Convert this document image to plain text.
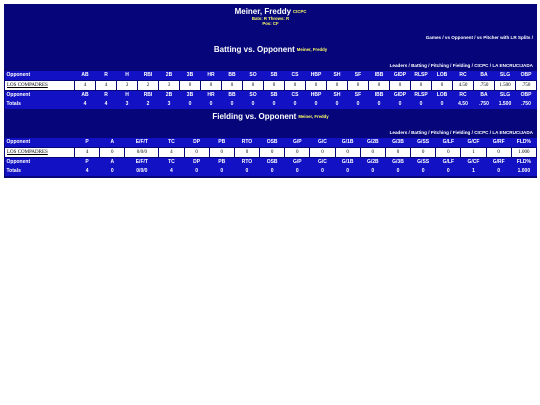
Meiner, Freddy CICPC
Bats: R Throws: R
Pos: CF
Games / vs Opponent / vs Pitcher with LR Splits /
Batting vs. Opponent Meiner, Freddy
Leaders / Batting / Pitching / Fielding / CICPC / LA ENCRUCIJADA
Opponent	AB	R	H	RBI	2B	3B	HR	BB	SO	SB	CS	HBP	SH	SF	IBB	GIDP	RLSP	LOB	RC	BA	SLG	OBP
LOS COMPADRES	4	4	3	2	3	0	0	0	0	0	0	0	0	0	0	0	0	0	4.50	.750	1.500	.750
Opponent	AB	R	H	RBI	2B	3B	HR	BB	SO	SB	CS	HBP	SH	SF	IBB	GIDP	RLSP	LOB	RC	BA	SLG	OBP
Totals	4	4	3	2	3	0	0	0	0	0	0	0	0	0	0	0	0	0	4.50	.750	1.500	.750
Fielding vs. Opponent Meiner, Freddy
Leaders / Batting / Pitching / Fielding / CICPC / LA ENCRUCIJADA
Opponent	P	A	E/F/T	TC	DP	PB	RTO	OSB	G/P	G/C	G/1B	G/2B	G/3B	G/SS	G/LF	G/CF	G/RF	FLD%
LOS COMPADRES	4	0	0/0/0	4	0	0	0	0	0	0	0	0	0	0	0	1	0	1.000
Opponent	P	A	E/F/T	TC	DP	PB	RTO	OSB	G/P	G/C	G/1B	G/2B	G/3B	G/SS	G/LF	G/CF	G/RF	FLD%
Totals	4	0	0/0/0	4	0	0	0	0	0	0	0	0	0	0	0	1	0	1.000
